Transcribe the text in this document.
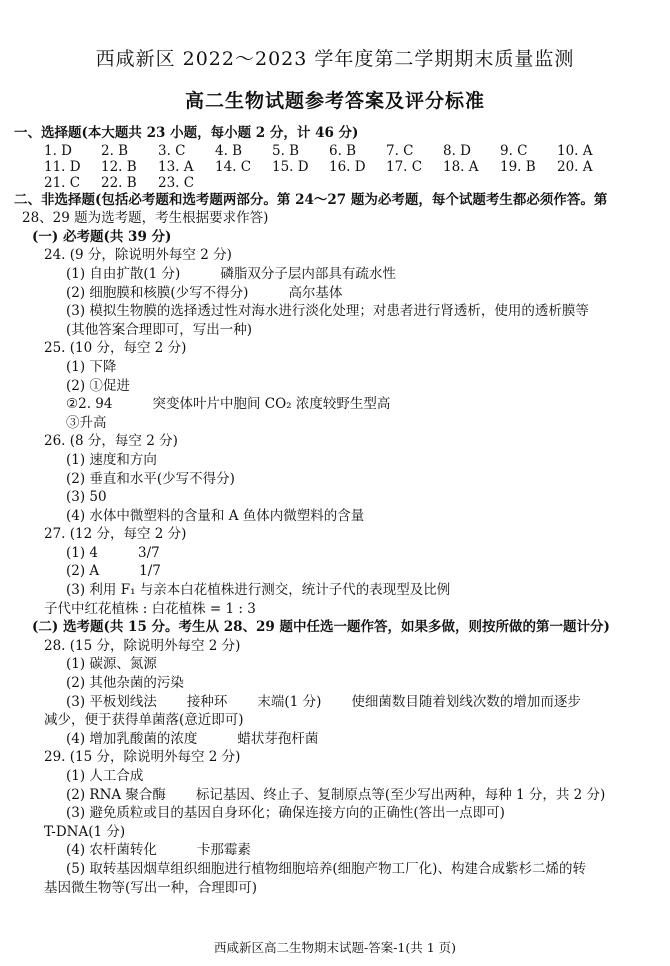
西咸新区 2022～2023 学年度第二学期期末质量监测
高二生物试题参考答案及评分标准
一、选择题(本大题共 23 小题，每小题 2 分，计 46 分)
1. D	2. B	3. C	4. B	5. B	6. B	7. C	8. D	9. C	10. A
11. D	12. B	13. A	14. C	15. D	16. D	17. C	18. A	19. B	20. A
21. C	22. B	23. C
二、非选择题(包括必考题和选考题两部分。第 24～27 题为必考题，每个试题考生都必须作答。第
28、29 题为选考题，考生根据要求作答)
(一) 必考题(共 39 分)
24. (9 分，除说明外每空 2 分)
(1) 自由扩散(1 分)	磷脂双分子层内部具有疏水性
(2) 细胞膜和核膜(少写不得分)	高尔基体
(3) 模拟生物膜的选择透过性对海水进行淡化处理；对患者进行肾透析，使用的透析膜等
(其他答案合理即可，写出一种)
25. (10 分，每空 2 分)
(1) 下降
(2) ①促进
②2. 94	突变体叶片中胞间 CO₂ 浓度较野生型高
③升高
26. (8 分，每空 2 分)
(1) 速度和方向
(2) 垂直和水平(少写不得分)
(3) 50
(4) 水体中微塑料的含量和 A 鱼体内微塑料的含量
27. (12 分，每空 2 分)
(1) 4	3/7
(2) A	1/7
(3) 利用 F₁ 与亲本白花植株进行测交，统计子代的表现型及比例
子代中红花植株 : 白花植株 = 1 : 3
(二) 选考题(共 15 分。考生从 28、29 题中任选一题作答，如果多做，则按所做的第一题计分)
28. (15 分，除说明外每空 2 分)
(1) 碳源、氮源
(2) 其他杂菌的污染
(3) 平板划线法 接种环 末端(1 分) 使细菌数目随着划线次数的增加而逐步
减少，便于获得单菌落(意近即可)
(4) 增加乳酸菌的浓度	蜡状芽孢杆菌
29. (15 分，除说明外每空 2 分)
(1) 人工合成
(2) RNA 聚合酶 标记基因、终止子、复制原点等(至少写出两种，每种 1 分，共 2 分)
(3) 避免质粒或目的基因自身环化；确保连接方向的正确性(答出一点即可)
T-DNA(1 分)
(4) 农杆菌转化	卡那霉素
(5) 取转基因烟草组织细胞进行植物细胞培养(细胞产物工厂化)、构建合成紫杉二烯的转
基因微生物等(写出一种，合理即可)
西咸新区高二生物期末试题-答案-1(共 1 页)
